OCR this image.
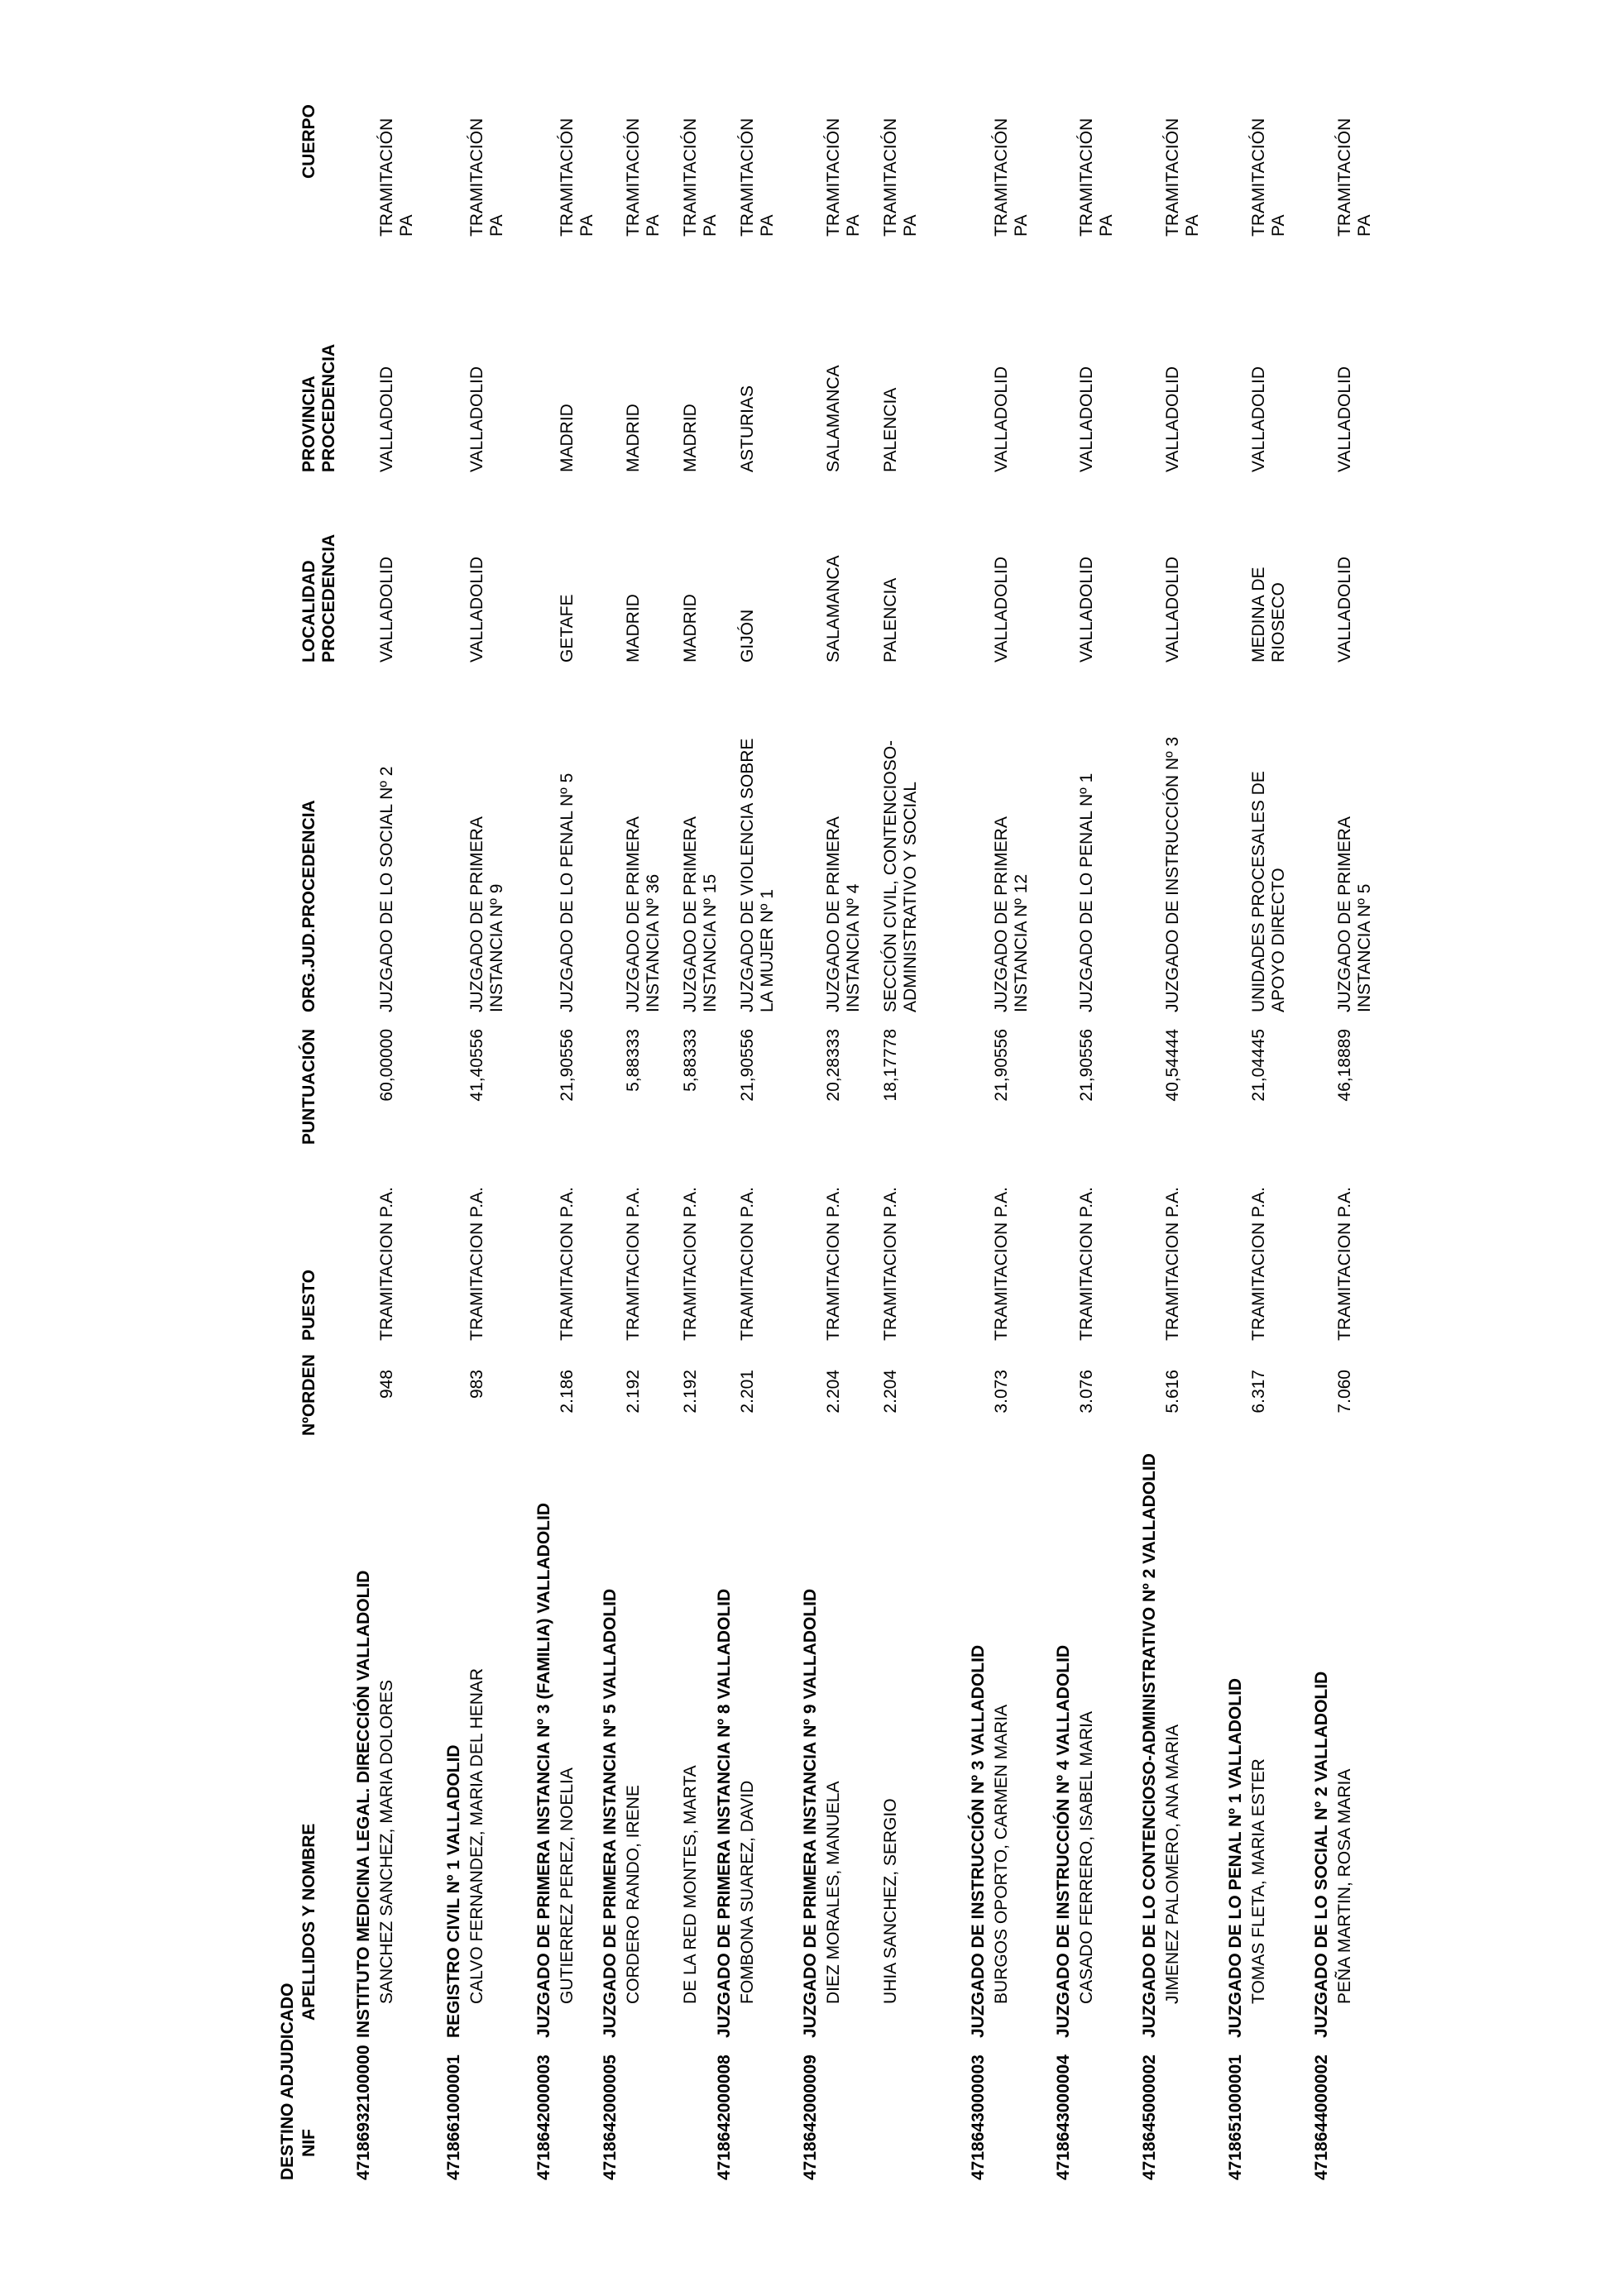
DESTINO ADJUDICADO NIF
APELLIDOS Y NOMBRE
NºORDEN
PUESTO
PUNTUACIÓN
ORG.JUD.PROCEDENCIA
LOCALIDAD PROCEDENCIA
PROVINCIA PROCEDENCIA
CUERPO
47186932100000
INSTITUTO MEDICINA LEGAL. DIRECCIÓN VALLADOLID SANCHEZ SANCHEZ, MARIA DOLORES
948
TRAMITACION P.A.
60,00000
JUZGADO DE LO SOCIAL Nº 2
VALLADOLID
VALLADOLID
TRAMITACIÓN PA
4718661000001
REGISTRO CIVIL Nº 1 VALLADOLID CALVO FERNANDEZ, MARIA DEL HENAR
983
TRAMITACION P.A.
41,40556
JUZGADO DE PRIMERA INSTANCIA Nº 9
VALLADOLID
VALLADOLID
TRAMITACIÓN PA
4718642000003
JUZGADO DE PRIMERA INSTANCIA Nº 3 (FAMILIA) VALLADOLID GUTIERREZ PEREZ, NOELIA
2.186
TRAMITACION P.A.
21,90556
JUZGADO DE LO PENAL Nº 5
GETAFE
MADRID
TRAMITACIÓN PA
4718642000005
JUZGADO DE PRIMERA INSTANCIA Nº 5 VALLADOLID CORDERO RANDO, IRENE
2.192
TRAMITACION P.A.
5,88333
JUZGADO DE PRIMERA INSTANCIA Nº 36
MADRID
MADRID
TRAMITACIÓN PA
DE LA RED MONTES, MARTA
2.192
TRAMITACION P.A.
5,88333
JUZGADO DE PRIMERA INSTANCIA Nº 15
MADRID
MADRID
TRAMITACIÓN PA
4718642000008
JUZGADO DE PRIMERA INSTANCIA Nº 8 VALLADOLID FOMBONA SUAREZ, DAVID
2.201
TRAMITACION P.A.
21,90556
JUZGADO DE VIOLENCIA SOBRE LA MUJER Nº 1
GIJÓN
ASTURIAS
TRAMITACIÓN PA
4718642000009
JUZGADO DE PRIMERA INSTANCIA Nº 9 VALLADOLID DIEZ MORALES, MANUELA
2.204
TRAMITACION P.A.
20,28333
JUZGADO DE PRIMERA INSTANCIA Nº 4
SALAMANCA
SALAMANCA
TRAMITACIÓN PA
UHIA SANCHEZ, SERGIO
2.204
TRAMITACION P.A.
18,17778
SECCIÓN CIVIL, CONTENCIOSO-ADMINISTRATIVO Y SOCIAL
PALENCIA
PALENCIA
TRAMITACIÓN PA
4718643000003
JUZGADO DE INSTRUCCIÓN Nº 3 VALLADOLID BURGOS OPORTO, CARMEN MARIA
3.073
TRAMITACION P.A.
21,90556
JUZGADO DE PRIMERA INSTANCIA Nº 12
VALLADOLID
VALLADOLID
TRAMITACIÓN PA
4718643000004
JUZGADO DE INSTRUCCIÓN Nº 4 VALLADOLID CASADO FERRERO, ISABEL MARIA
3.076
TRAMITACION P.A.
21,90556
JUZGADO DE LO PENAL Nº 1
VALLADOLID
VALLADOLID
TRAMITACIÓN PA
4718645000002
JUZGADO DE LO CONTENCIOSO-ADMINISTRATIVO Nº 2 VALLADOLID JIMENEZ PALOMERO, ANA MARIA
5.616
TRAMITACION P.A.
40,54444
JUZGADO DE INSTRUCCIÓN Nº 3
VALLADOLID
VALLADOLID
TRAMITACIÓN PA
4718651000001
JUZGADO DE LO PENAL Nº 1 VALLADOLID TOMAS FLETA, MARIA ESTER
6.317
TRAMITACION P.A.
21,04445
UNIDADES PROCESALES DE APOYO DIRECTO
MEDINA DE RIOSECO
VALLADOLID
TRAMITACIÓN PA
4718644000002
JUZGADO DE LO SOCIAL Nº 2 VALLADOLID PEÑA MARTIN, ROSA MARIA
7.060
TRAMITACION P.A.
46,18889
JUZGADO DE PRIMERA INSTANCIA Nº 5
VALLADOLID
VALLADOLID
TRAMITACIÓN PA
